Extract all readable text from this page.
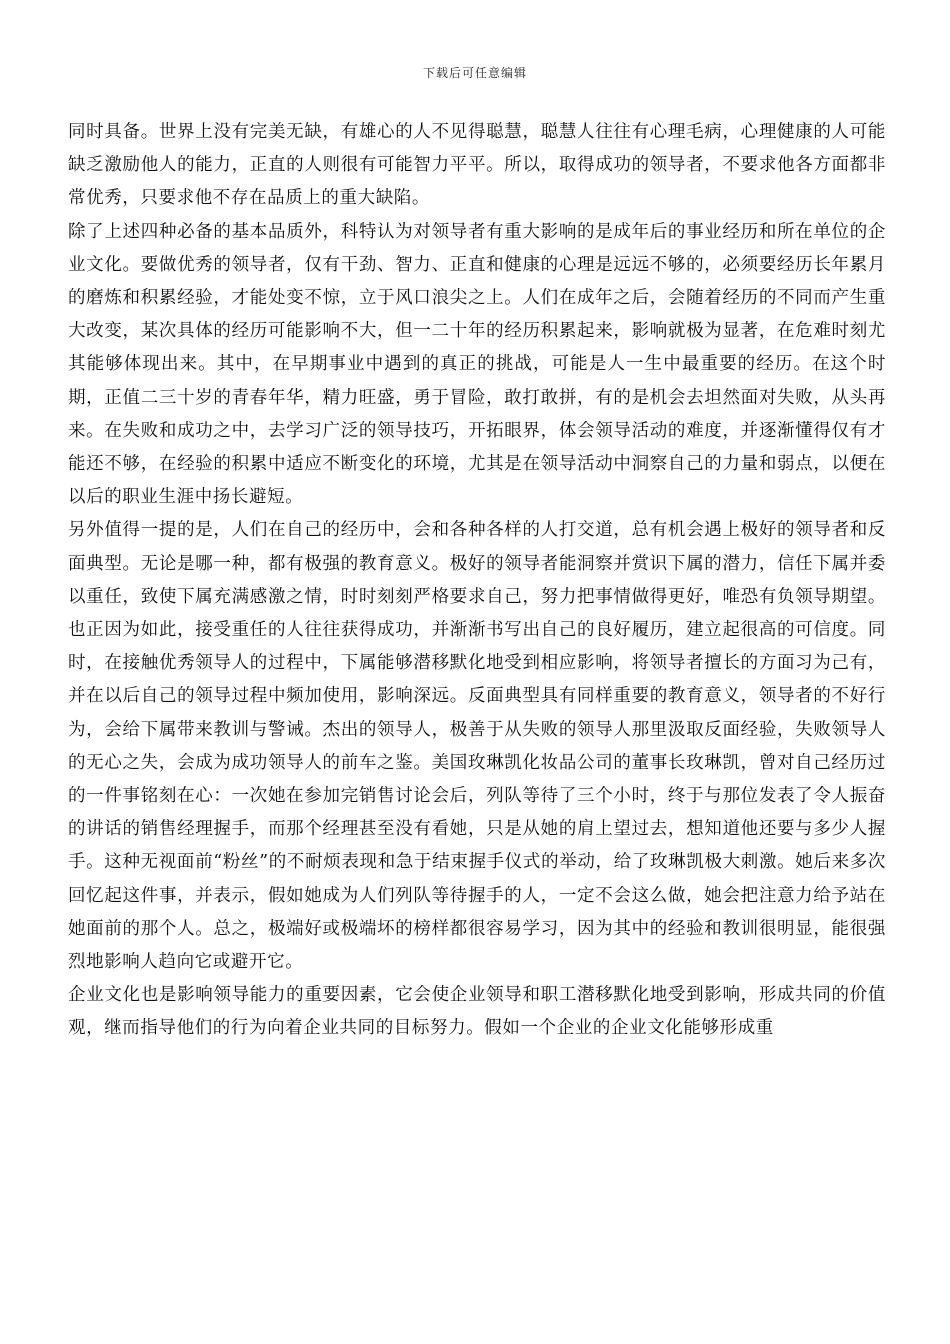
下载后可任意编辑

同时具备。世界上没有完美无缺，有雄心的人不见得聪慧，聪慧人往往有心理毛病，心理健康的人可能缺乏激励他人的能力，正直的人则很有可能智力平平。所以，取得成功的领导者，不要求他各方面都非常优秀，只要求他不存在品质上的重大缺陷。

除了上述四种必备的基本品质外，科特认为对领导者有重大影响的是成年后的事业经历和所在单位的企业文化。要做优秀的领导者，仅有干劲、智力、正直和健康的心理是远远不够的，必须要经历长年累月的磨炼和积累经验，才能处变不惊，立于风口浪尖之上。人们在成年之后，会随着经历的不同而产生重大改变，某次具体的经历可能影响不大，但一二十年的经历积累起来，影响就极为显著，在危难时刻尤其能够体现出来。其中，在早期事业中遇到的真正的挑战，可能是人一生中最重要的经历。在这个时期，正值二三十岁的青春年华，精力旺盛，勇于冒险，敢打敢拼，有的是机会去坦然面对失败，从头再来。在失败和成功之中，去学习广泛的领导技巧，开拓眼界，体会领导活动的难度，并逐渐懂得仅有才能还不够，在经验的积累中适应不断变化的环境，尤其是在领导活动中洞察自己的力量和弱点，以便在以后的职业生涯中扬长避短。

另外值得一提的是，人们在自己的经历中，会和各种各样的人打交道，总有机会遇上极好的领导者和反面典型。无论是哪一种，都有极强的教育意义。极好的领导者能洞察并赏识下属的潜力，信任下属并委以重任，致使下属充满感激之情，时时刻刻严格要求自己，努力把事情做得更好，唯恐有负领导期望。也正因为如此，接受重任的人往往获得成功，并渐渐书写出自己的良好履历，建立起很高的可信度。同时，在接触优秀领导人的过程中，下属能够潜移默化地受到相应影响，将领导者擅长的方面习为己有，并在以后自己的领导过程中频加使用，影响深远。反面典型具有同样重要的教育意义，领导者的不好行为，会给下属带来教训与警诫。杰出的领导人，极善于从失败的领导人那里汲取反面经验，失败领导人的无心之失，会成为成功领导人的前车之鉴。美国玫琳凯化妆品公司的董事长玫琳凯，曾对自己经历过的一件事铭刻在心：一次她在参加完销售讨论会后，列队等待了三个小时，终于与那位发表了令人振奋的讲话的销售经理握手，而那个经理甚至没有看她，只是从她的肩上望过去，想知道他还要与多少人握手。这种无视面前“粉丝”的不耐烦表现和急于结束握手仪式的举动，给了玫琳凯极大刺激。她后来多次回忆起这件事，并表示，假如她成为人们列队等待握手的人，一定不会这么做，她会把注意力给予站在她面前的那个人。总之，极端好或极端坏的榜样都很容易学习，因为其中的经验和教训很明显，能很强烈地影响人趋向它或避开它。

企业文化也是影响领导能力的重要因素，它会使企业领导和职工潜移默化地受到影响，形成共同的价值观，继而指导他们的行为向着企业共同的目标努力。假如一个企业的企业文化能够形成重
